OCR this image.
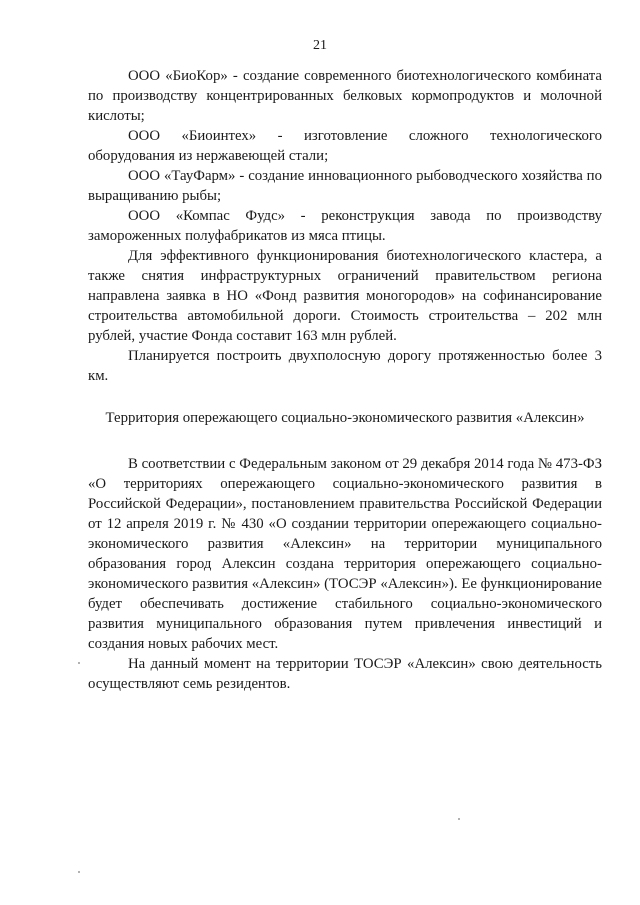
21

ООО «БиоКор» - создание современного биотехнологического комбината по производству концентрированных белковых кормопродуктов и молочной кислоты;

ООО «Биоинтех» - изготовление сложного технологического оборудования из нержавеющей стали;

ООО «ТауФарм» - создание инновационного рыбоводческого хозяйства по выращиванию рыбы;

ООО «Компас Фудс» - реконструкция завода по производству замороженных полуфабрикатов из мяса птицы.

Для эффективного функционирования биотехнологического кластера, а также снятия инфраструктурных ограничений правительством региона направлена заявка в НО «Фонд развития моногородов» на софинансирование строительства автомобильной дороги. Стоимость строительства – 202 млн рублей, участие Фонда составит 163 млн рублей.

Планируется построить двухполосную дорогу протяженностью более 3 км.

Территория опережающего социально-экономического развития «Алексин»

В соответствии с Федеральным законом от 29 декабря 2014 года № 473-ФЗ «О территориях опережающего социально-экономического развития в Российской Федерации», постановлением правительства Российской Федерации от 12 апреля 2019 г. № 430 «О создании территории опережающего социально-экономического развития «Алексин» на территории муниципального образования город Алексин создана территория опережающего социально-экономического развития «Алексин» (ТОСЭР «Алексин»). Ее функционирование будет обеспечивать достижение стабильного социально-экономического развития муниципального образования путем привлечения инвестиций и создания новых рабочих мест.

На данный момент на территории ТОСЭР «Алексин» свою деятельность осуществляют семь резидентов.
